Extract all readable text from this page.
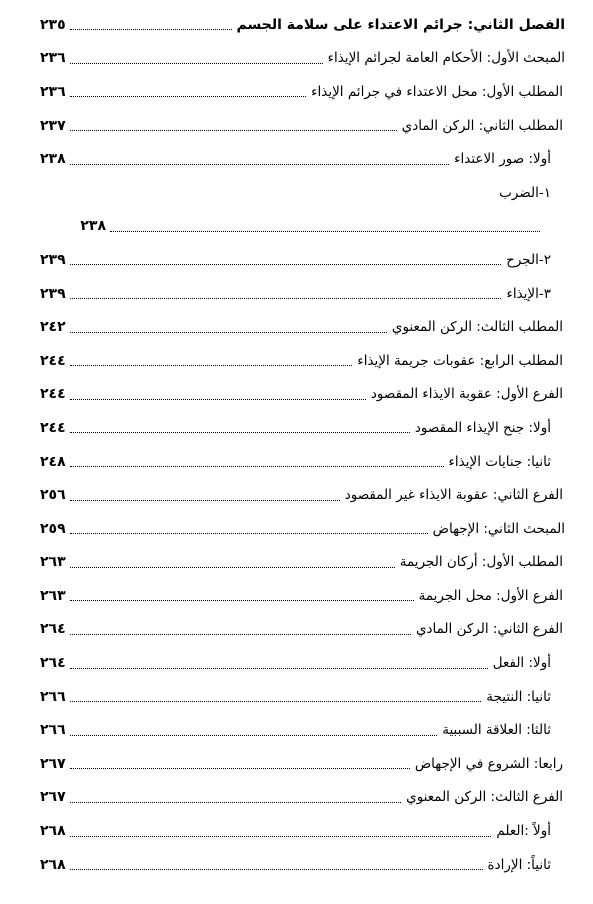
الفصل الثاني: جرائم الاعتداء على سلامة الجسم
٢٣٥
المبحث الأول: الأحكام العامة لجرائم الإيذاء
٢٣٦
المطلب الأول: محل الاعتداء في جرائم الإيذاء
٢٣٦
المطلب الثاني: الركن المادي
٢٣٧
أولا: صور الاعتداء
٢٣٨
١-الضرب
٢٣٨
٢-الجرح
٢٣٩
٣-الإيذاء
٢٣٩
المطلب الثالث: الركن المعنوي
٢٤٢
المطلب الرابع: عقوبات جريمة الإيذاء
٢٤٤
الفرع الأول: عقوبة الايذاء المقصود
٢٤٤
أولا: جنح الإيذاء المقصود
٢٤٤
ثانيا: جنايات الإيذاء
٢٤٨
الفرع الثاني: عقوبة الايذاء غير المقصود
٢٥٦
المبحث الثاني: الإجهاض
٢٥٩
المطلب الأول: أركان الجريمة
٢٦٣
الفرع الأول: محل الجريمة
٢٦٣
الفرع الثاني: الركن المادي
٢٦٤
أولا: الفعل
٢٦٤
ثانيا: النتيجة
٢٦٦
ثالثا: العلاقة السببية
٢٦٦
رابعا: الشروع في الإجهاض
٢٦٧
الفرع الثالث: الركن المعنوي
٢٦٧
أولاً :العلم
٢٦٨
ثانياً: الإرادة
٢٦٨
